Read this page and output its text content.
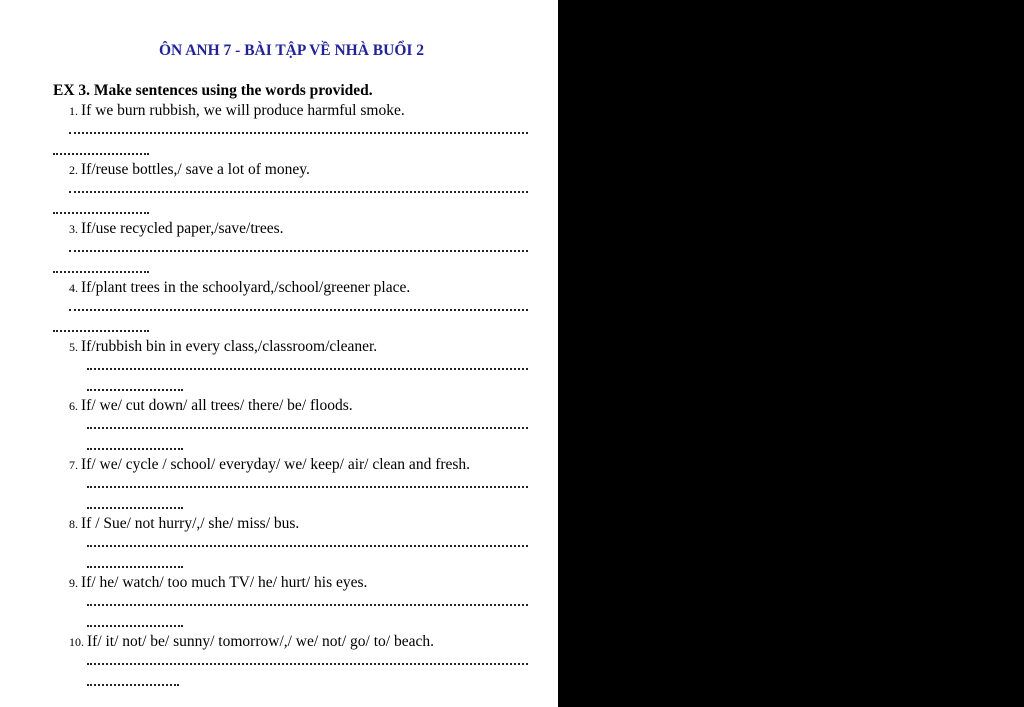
ÔN ANH 7 - BÀI TẬP VỀ NHÀ BUỔI 2
EX 3. Make sentences using the words provided.
1. If we burn rubbish, we will produce harmful smoke.
2. If/reuse bottles,/ save a lot of money.
3. If/use recycled paper,/save/trees.
4. If/plant trees in the schoolyard,/school/greener place.
5. If/rubbish bin in every class,/classroom/cleaner.
6. If/ we/ cut down/ all trees/ there/ be/ floods.
7. If/ we/ cycle / school/ everyday/ we/ keep/ air/ clean and fresh.
8. If / Sue/ not hurry/,/ she/ miss/ bus.
9. If/ he/ watch/ too much TV/ he/ hurt/ his eyes.
10. If/ it/ not/ be/ sunny/ tomorrow/,/ we/ not/ go/ to/ beach.
